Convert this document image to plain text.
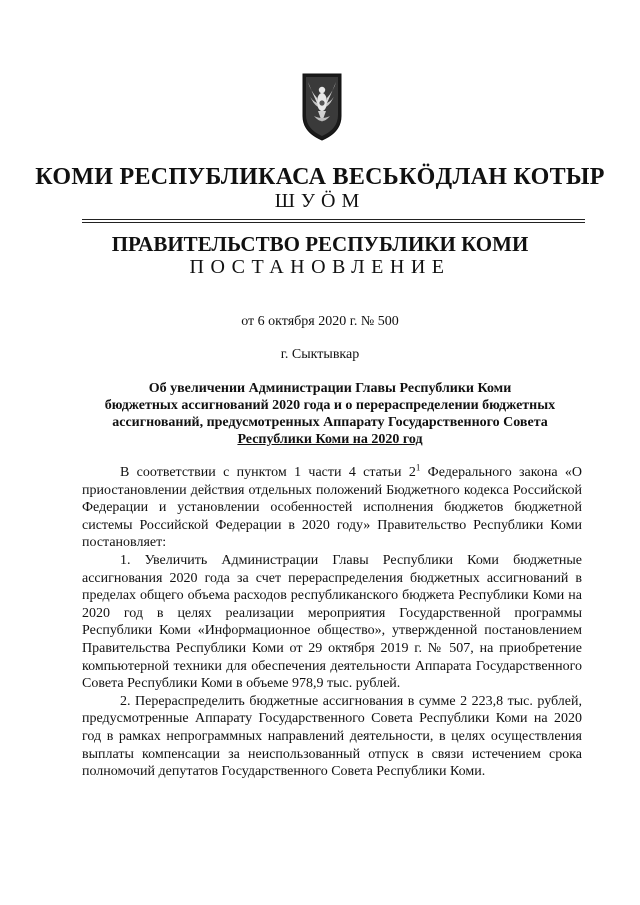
КОМИ РЕСПУБЛИКАСА ВЕСЬКӦДЛАН КОТЫР
ШУӦМ
ПРАВИТЕЛЬСТВО РЕСПУБЛИКИ КОМИ
ПОСТАНОВЛЕНИЕ
от 6 октября 2020 г. № 500
г. Сыктывкар
Об увеличении Администрации Главы Республики Коми
бюджетных ассигнований 2020 года и о перераспределении бюджетных
ассигнований, предусмотренных Аппарату Государственного Совета
Республики Коми на 2020 год

В соответствии с пунктом 1 части 4 статьи $2^1$ Федерального закона «О приостановлении действия отдельных положений Бюджетного кодекса Российской Федерации и установлении особенностей исполнения бюджетов бюджетной системы Российской Федерации в 2020 году» Правительство Республики Коми постановляет:

1. Увеличить Администрации Главы Республики Коми бюджетные ассигнования 2020 года за счет перераспределения бюджетных ассигнований в пределах общего объема расходов республиканского бюджета Республики Коми на 2020 год в целях реализации мероприятия Государственной программы Республики Коми «Информационное общество», утвержденной постановлением Правительства Республики Коми от 29 октября 2019 г. № 507, на приобретение компьютерной техники для обеспечения деятельности Аппарата Государственного Совета Республики Коми в объеме 978,9 тыс. рублей.

2. Перераспределить бюджетные ассигнования в сумме 2 223,8 тыс. рублей, предусмотренные Аппарату Государственного Совета Республики Коми на 2020 год в рамках непрограммных направлений деятельности, в целях осуществления выплаты компенсации за неиспользованный отпуск в связи истечением срока полномочий депутатов Государственного Совета Республики Коми.
